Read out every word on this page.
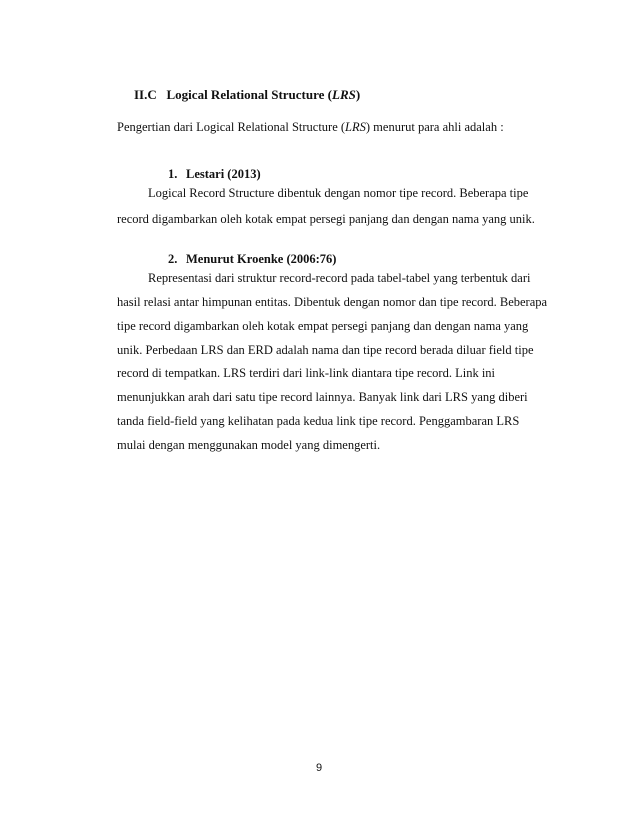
II.C Logical Relational Structure (LRS)
Pengertian dari Logical Relational Structure (LRS) menurut para ahli adalah :
1. Lestari (2013)
Logical Record Structure dibentuk dengan nomor tipe record. Beberapa tipe
record digambarkan oleh kotak empat persegi panjang dan dengan nama yang unik.
2. Menurut Kroenke (2006:76)
Representasi dari struktur record-record pada tabel-tabel yang terbentuk dari
hasil relasi antar himpunan entitas. Dibentuk dengan nomor dan tipe record. Beberapa
tipe record digambarkan oleh kotak empat persegi panjang dan dengan nama yang
unik. Perbedaan LRS dan ERD adalah nama dan tipe record berada diluar field tipe
record di tempatkan. LRS terdiri dari link-link diantara tipe record. Link ini
menunjukkan arah dari satu tipe record lainnya. Banyak link dari LRS yang diberi
tanda field-field yang kelihatan pada kedua link tipe record. Penggambaran LRS
mulai dengan menggunakan model yang dimengerti.
9
